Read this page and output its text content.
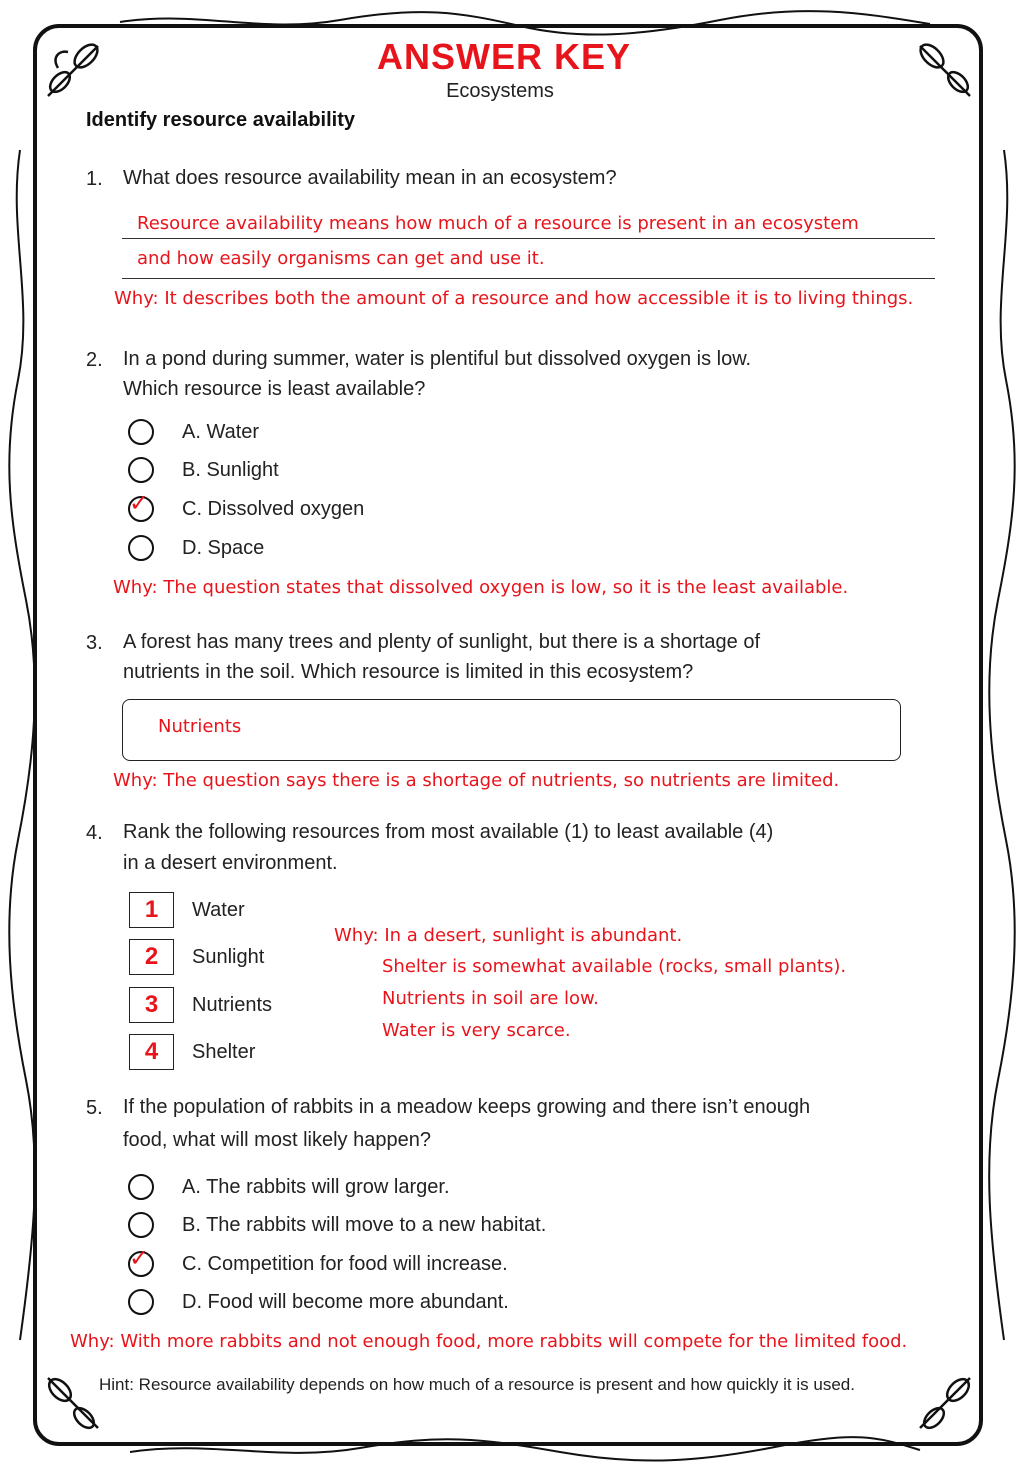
ANSWER KEY
Ecosystems
Identify resource availability
1. What does resource availability mean in an ecosystem?
Resource availability means how much of a resource is present in an ecosystem
and how easily organisms can get and use it.
Why: It describes both the amount of a resource and how accessible it is to living things.
2. In a pond during summer, water is plentiful but dissolved oxygen is low.
Which resource is least available?
A. Water
B. Sunlight
✓ C. Dissolved oxygen
D. Space
Why: The question states that dissolved oxygen is low, so it is the least available.
3. A forest has many trees and plenty of sunlight, but there is a shortage of
nutrients in the soil. Which resource is limited in this ecosystem?
Nutrients
Why: The question says there is a shortage of nutrients, so nutrients are limited.
4. Rank the following resources from most available (1) to least available (4)
in a desert environment.
1	Water
2	Sunlight
3	Nutrients
4	Shelter
Why: In a desert, sunlight is abundant.
Shelter is somewhat available (rocks, small plants).
Nutrients in soil are low.
Water is very scarce.
5. If the population of rabbits in a meadow keeps growing and there isn’t enough
food, what will most likely happen?
A. The rabbits will grow larger.
B. The rabbits will move to a new habitat.
✓ C. Competition for food will increase.
D. Food will become more abundant.
Why: With more rabbits and not enough food, more rabbits will compete for the limited food.
Hint: Resource availability depends on how much of a resource is present and how quickly it is used.
